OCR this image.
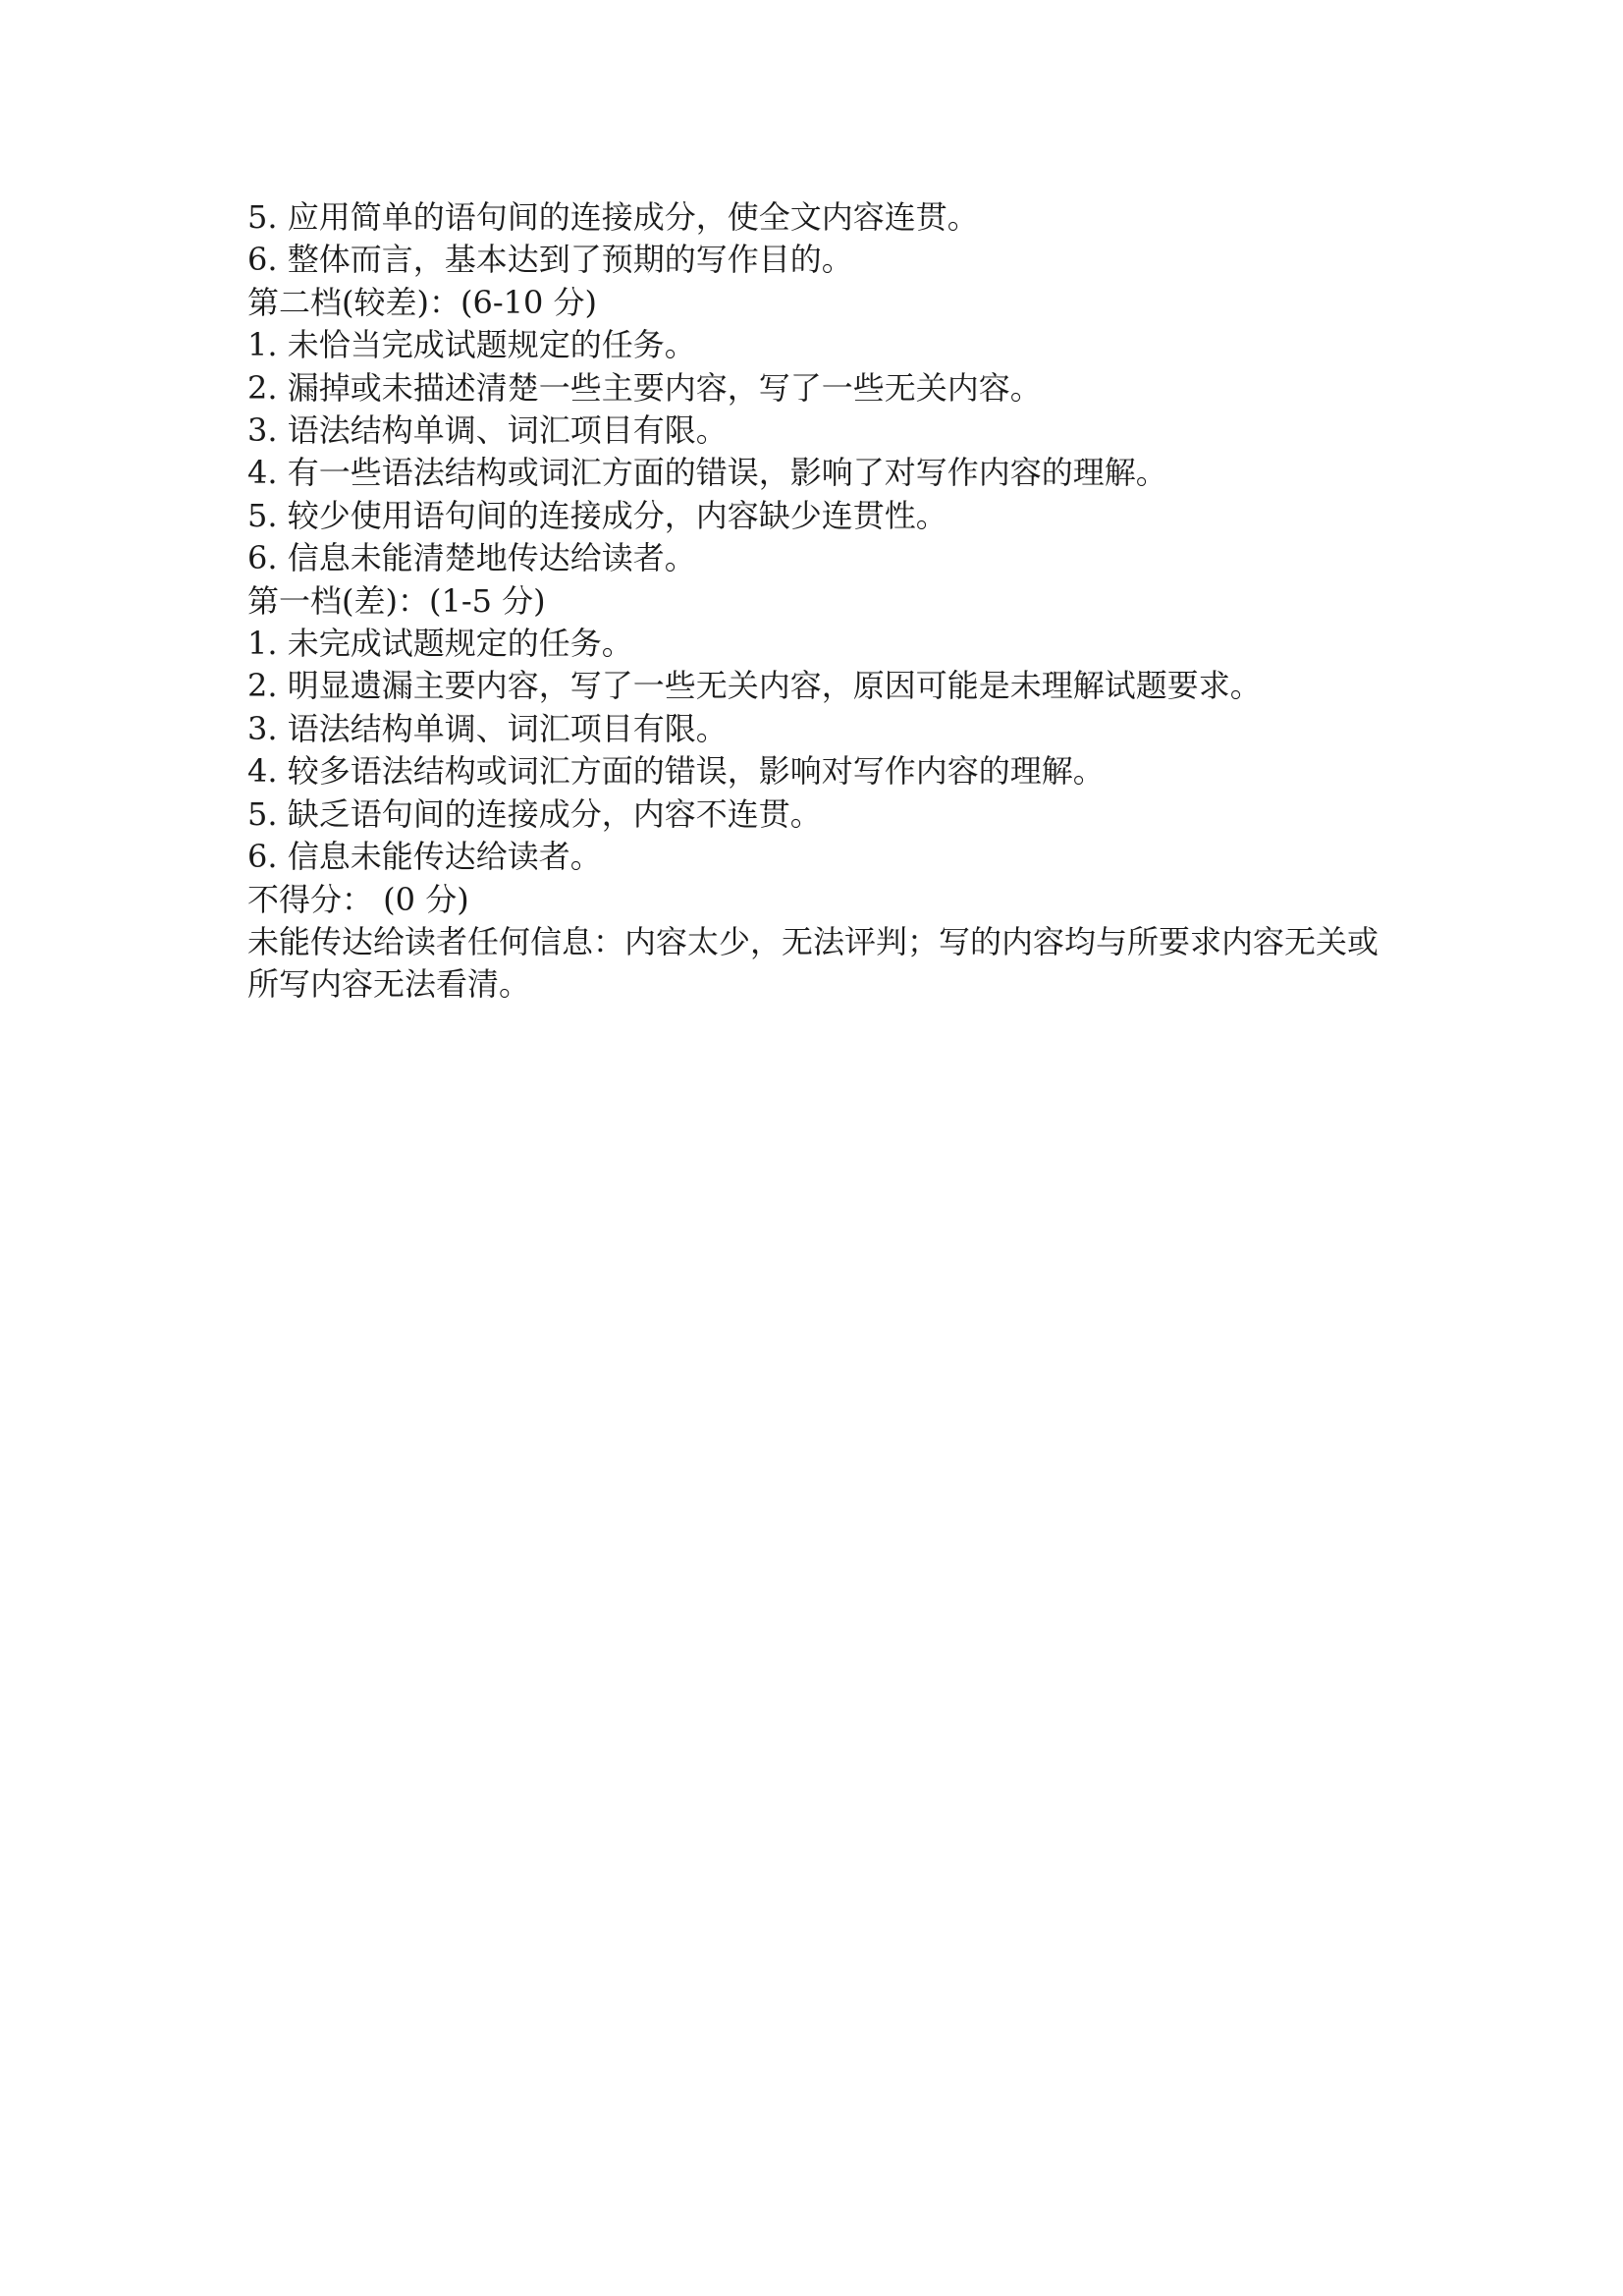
5. 应用简单的语句间的连接成分，使全文内容连贯。
6. 整体而言，基本达到了预期的写作目的。
第二档(较差)：(6-10 分)
1. 未恰当完成试题规定的任务。
2. 漏掉或未描述清楚一些主要内容，写了一些无关内容。
3. 语法结构单调、词汇项目有限。
4. 有一些语法结构或词汇方面的错误，影响了对写作内容的理解。
5. 较少使用语句间的连接成分，内容缺少连贯性。
6. 信息未能清楚地传达给读者。
第一档(差)：(1-5 分)
1. 未完成试题规定的任务。
2. 明显遗漏主要内容，写了一些无关内容，原因可能是未理解试题要求。
3. 语法结构单调、词汇项目有限。
4. 较多语法结构或词汇方面的错误，影响对写作内容的理解。
5. 缺乏语句间的连接成分，内容不连贯。
6. 信息未能传达给读者。
不得分： (0 分)
未能传达给读者任何信息：内容太少，无法评判；写的内容均与所要求内容无关或所写内容无法看清。
